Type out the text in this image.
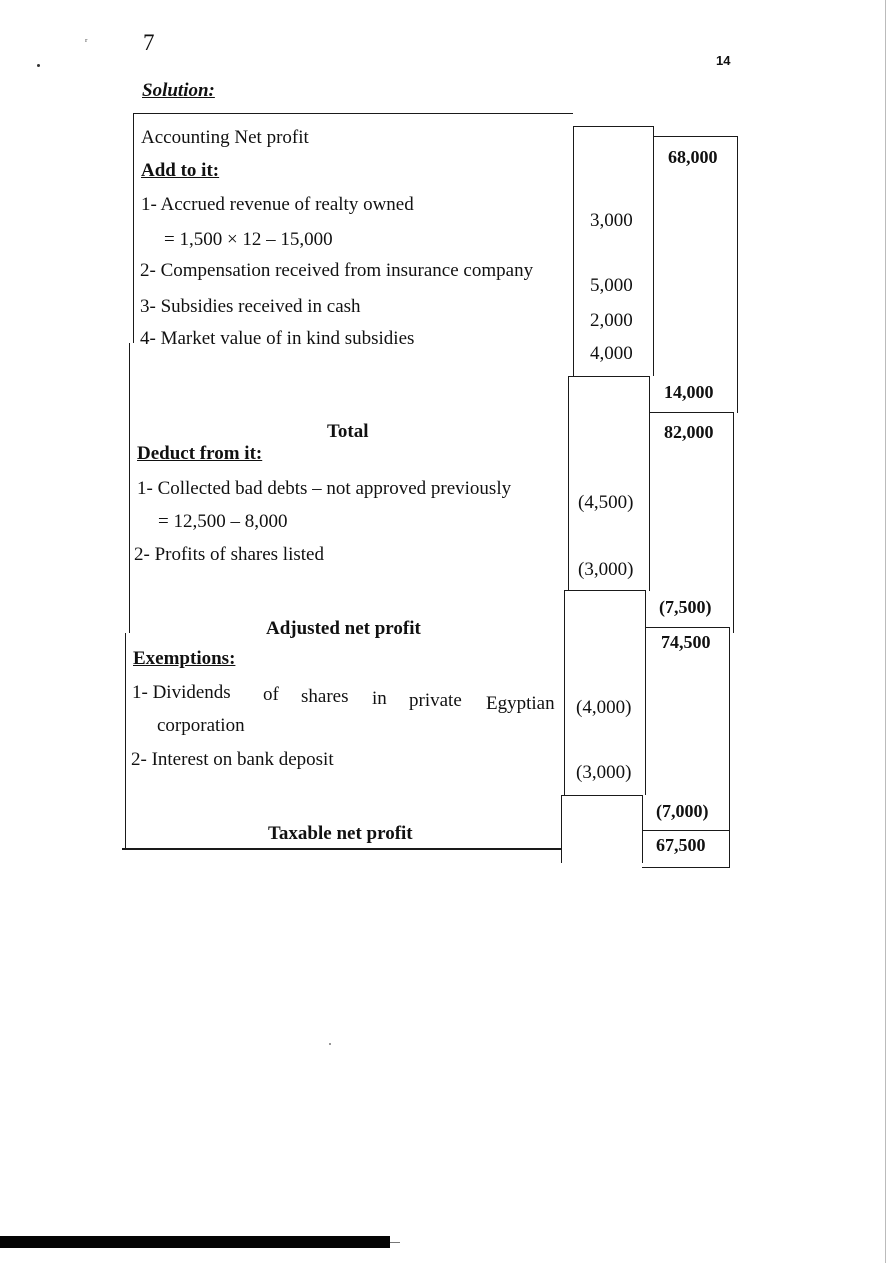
ʳ 7
14
Solution:
Accounting Net profit
68,000
Add to it:
1- Accrued revenue of realty owned
= 1,500 × 12 – 15,000
3,000
2- Compensation received from insurance company
5,000
3- Subsidies received in cash
2,000
4- Market value of in kind subsidies
4,000
14,000
Total	82,000
Deduct from it:
1- Collected bad debts – not approved previously
= 12,500 – 8,000
(4,500)
2- Profits of shares listed
(3,000)
(7,500)
Adjusted net profit
74,500
Exemptions:
1- Dividends of shares in private Egyptian
corporation
(4,000)
2- Interest on bank deposit
(3,000)
(7,000)
Taxable net profit
67,500
